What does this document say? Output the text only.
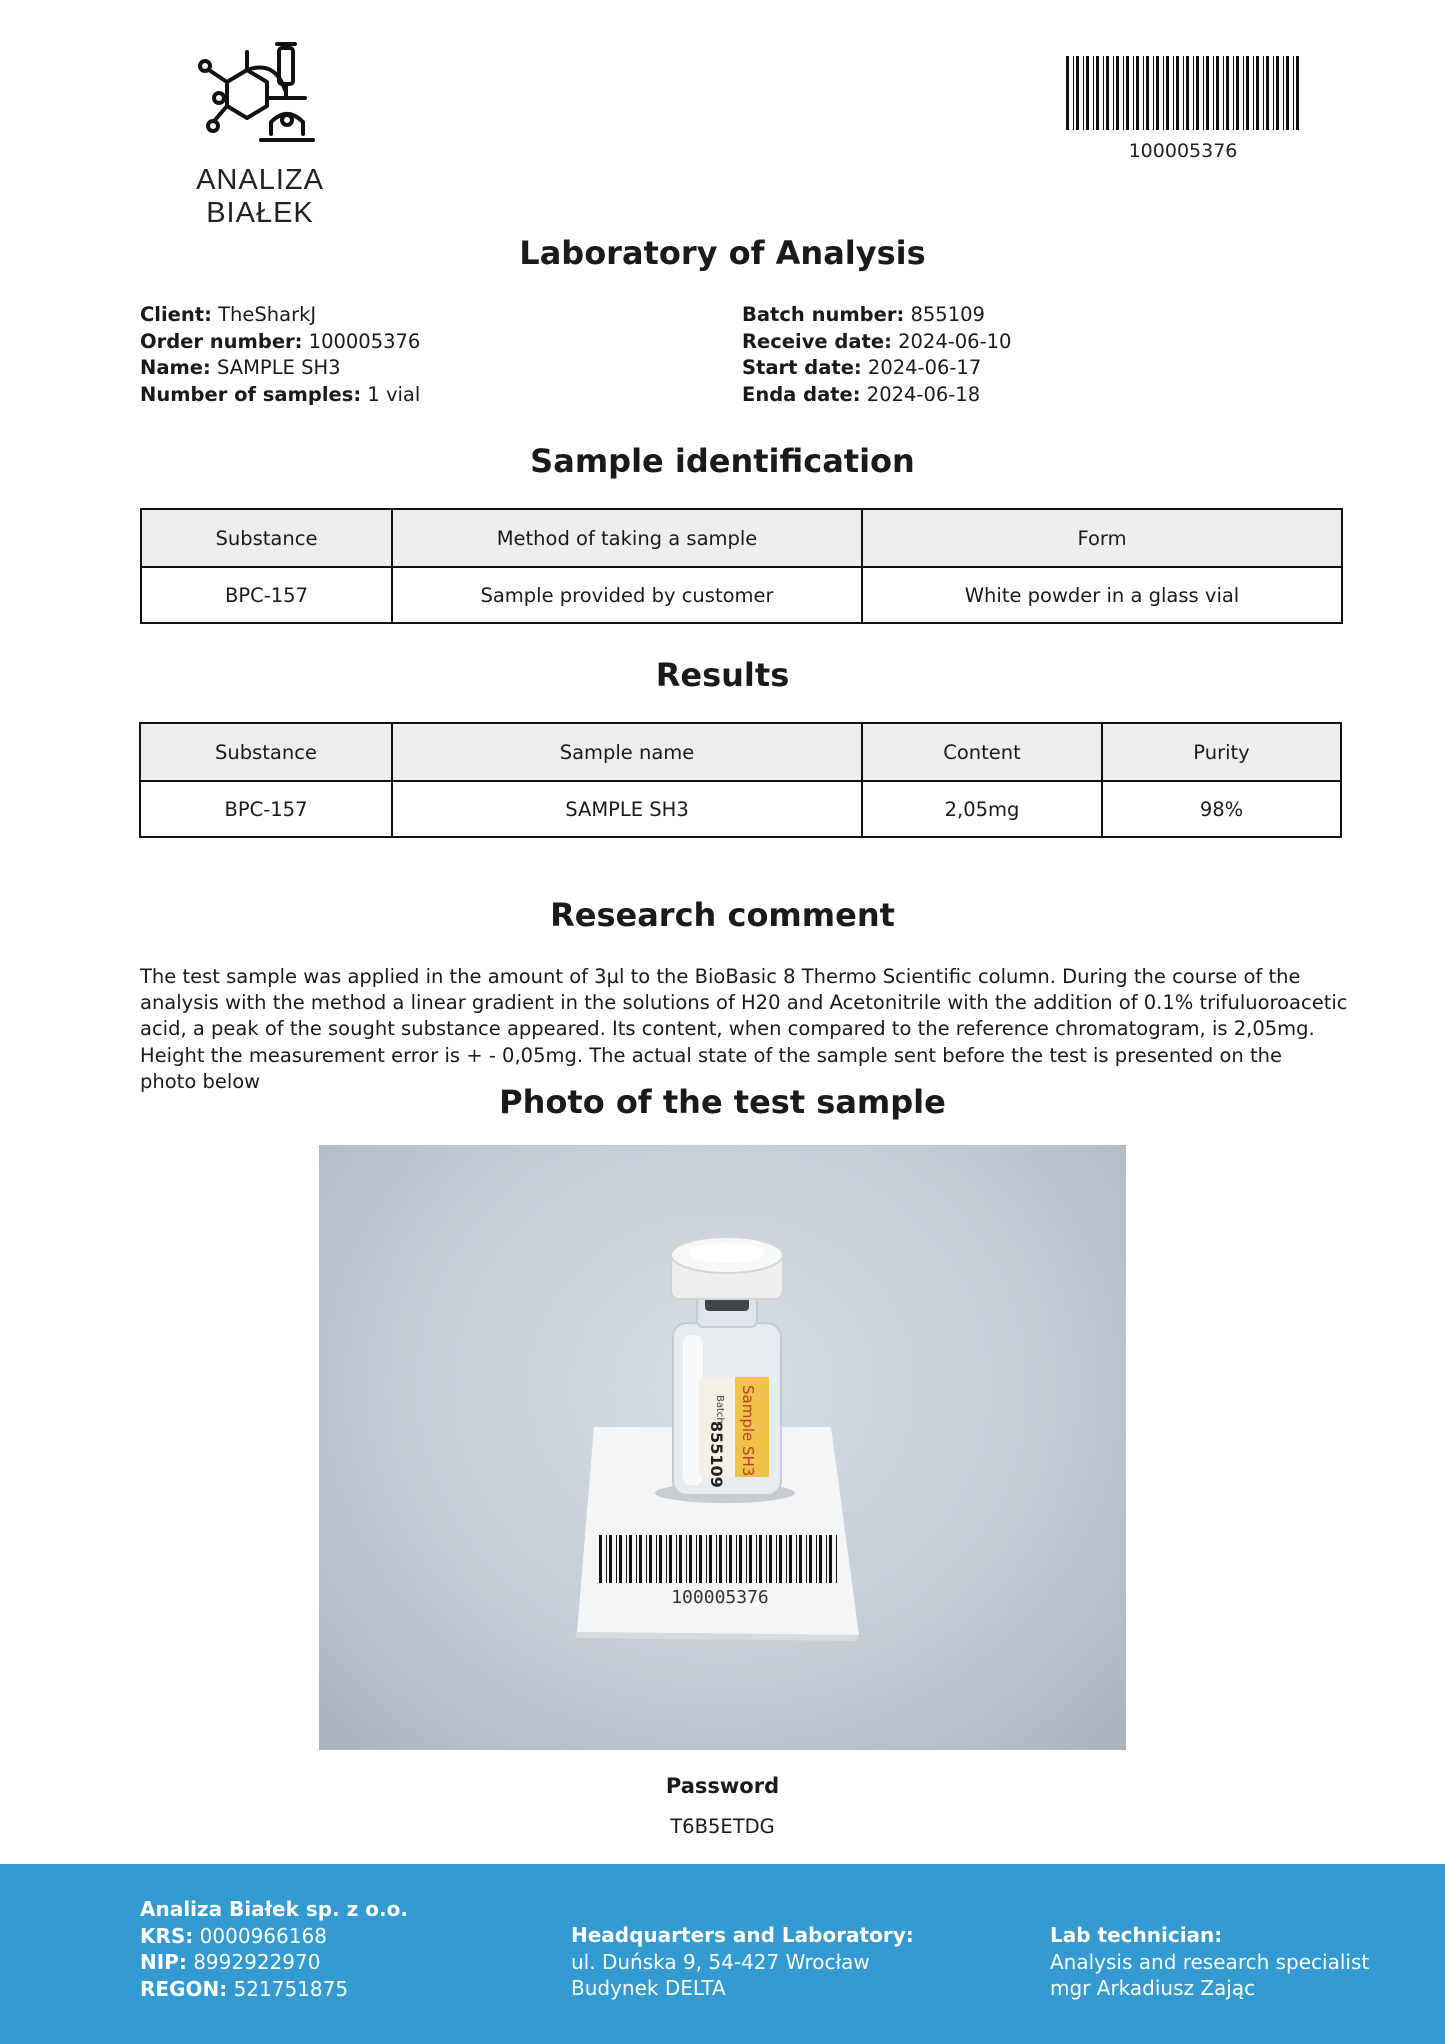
ANALIZA BIAŁEK
100005376
Laboratory of Analysis
Client: TheSharkJ
Order number: 100005376
Name: SAMPLE SH3
Number of samples: 1 vial
Batch number: 855109
Receive date: 2024-06-10
Start date: 2024-06-17
Enda date: 2024-06-18
Sample identification
Substance	Method of taking a sample	Form
BPC-157	Sample provided by customer	White powder in a glass vial
Results
Substance	Sample name	Content	Purity
BPC-157	SAMPLE SH3	2,05mg	98%
Research comment
The test sample was applied in the amount of 3µl to the BioBasic 8 Thermo Scientific column. During the course of the
analysis with the method a linear gradient in the solutions of H20 and Acetonitrile with the addition of 0.1% trifuluoroacetic
acid, a peak of the sought substance appeared. Its content, when compared to the reference chromatogram, is 2,05mg.
Height the measurement error is + - 0,05mg. The actual state of the sample sent before the test is presented on the
photo below
Photo of the test sample
100005376
Batch
855109 Sample SH3
Password
T6B5ETDG
Analiza Białek sp. z o.o.
KRS: 0000966168
NIP: 8992922970
REGON: 521751875
Headquarters and Laboratory:
ul. Duńska 9, 54-427 Wrocław
Budynek DELTA
Lab technician:
Analysis and research specialist
mgr Arkadiusz Zając
